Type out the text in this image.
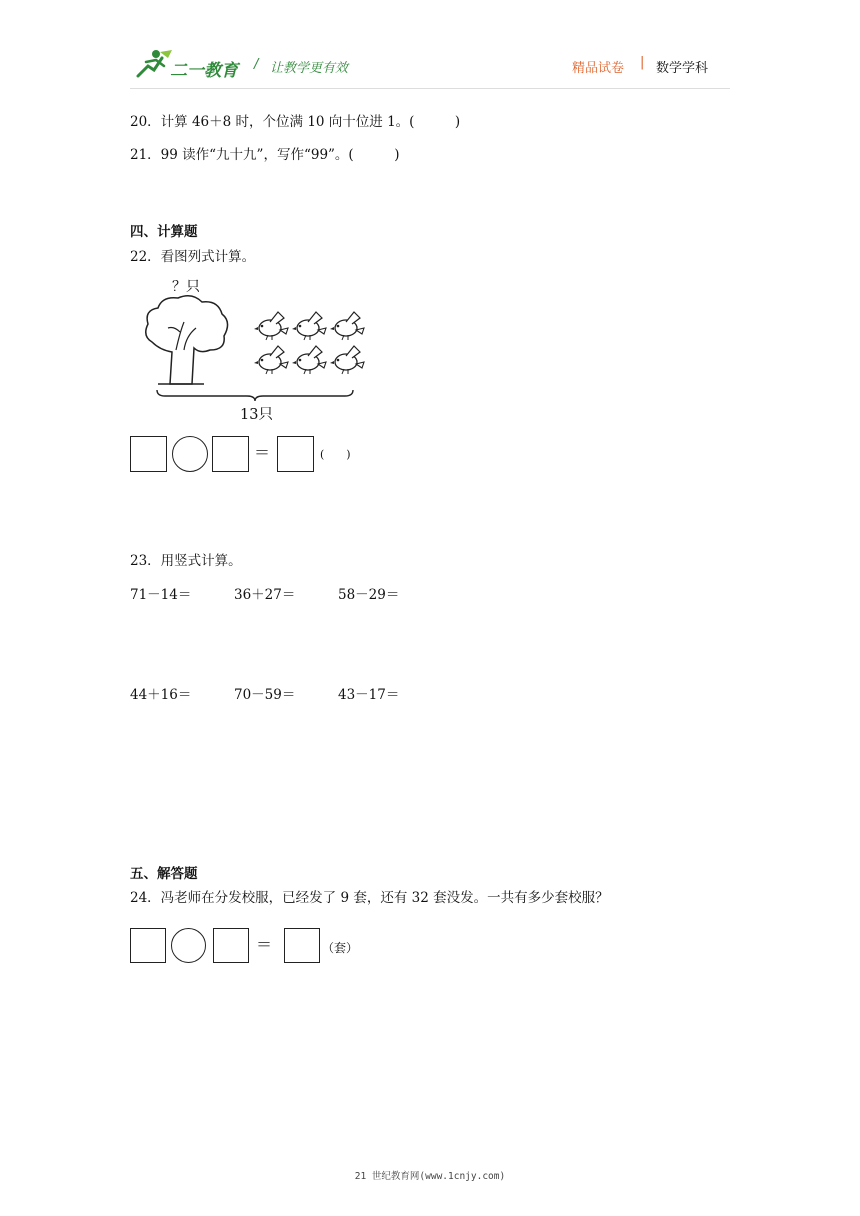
二一教育 / 让教学更有效	精品试卷 | 数学学科
20．计算 46＋8 时，个位满 10 向十位进 1。(　　　)
21．99 读作“九十九”，写作“99”。(　　　)
四、计算题
22．看图列式计算。
？只
13只
＝	(　　)
23．用竖式计算。
71－14＝	36＋27＝	58－29＝
44＋16＝	70－59＝	43－17＝
五、解答题
24．冯老师在分发校服，已经发了 9 套，还有 32 套没发。一共有多少套校服？
＝	（套）
21 世纪教育网(www.1cnjy.com)
